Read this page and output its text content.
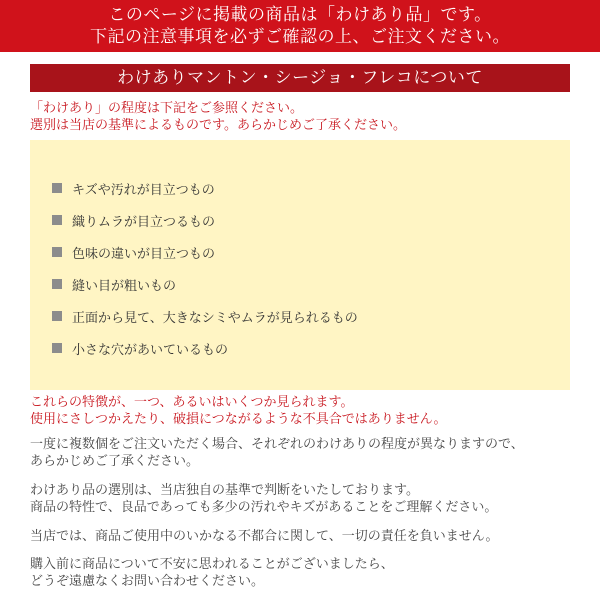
このページに掲載の商品は「わけあり品」です。
下記の注意事項を必ずご確認の上、ご注文ください。
わけありマントン・シージョ・フレコについて
「わけあり」の程度は下記をご参照ください。
選別は当店の基準によるものです。あらかじめご了承ください。
キズや汚れが目立つもの
織りムラが目立つるもの
色味の違いが目立つもの
縫い目が粗いもの
正面から見て、大きなシミやムラが見られるもの
小さな穴があいているもの
これらの特徴が、一つ、あるいはいくつか見られます。
使用にさしつかえたり、破損につながるような不具合ではありません。
一度に複数個をご注文いただく場合、それぞれのわけありの程度が異なりますので、
あらかじめご了承ください。
わけあり品の選別は、当店独自の基準で判断をいたしております。
商品の特性で、良品であっても多少の汚れやキズがあることをご理解ください。
当店では、商品ご使用中のいかなる不都合に関して、一切の責任を負いません。
購入前に商品について不安に思われることがございましたら、
どうぞ遠慮なくお問い合わせください。
